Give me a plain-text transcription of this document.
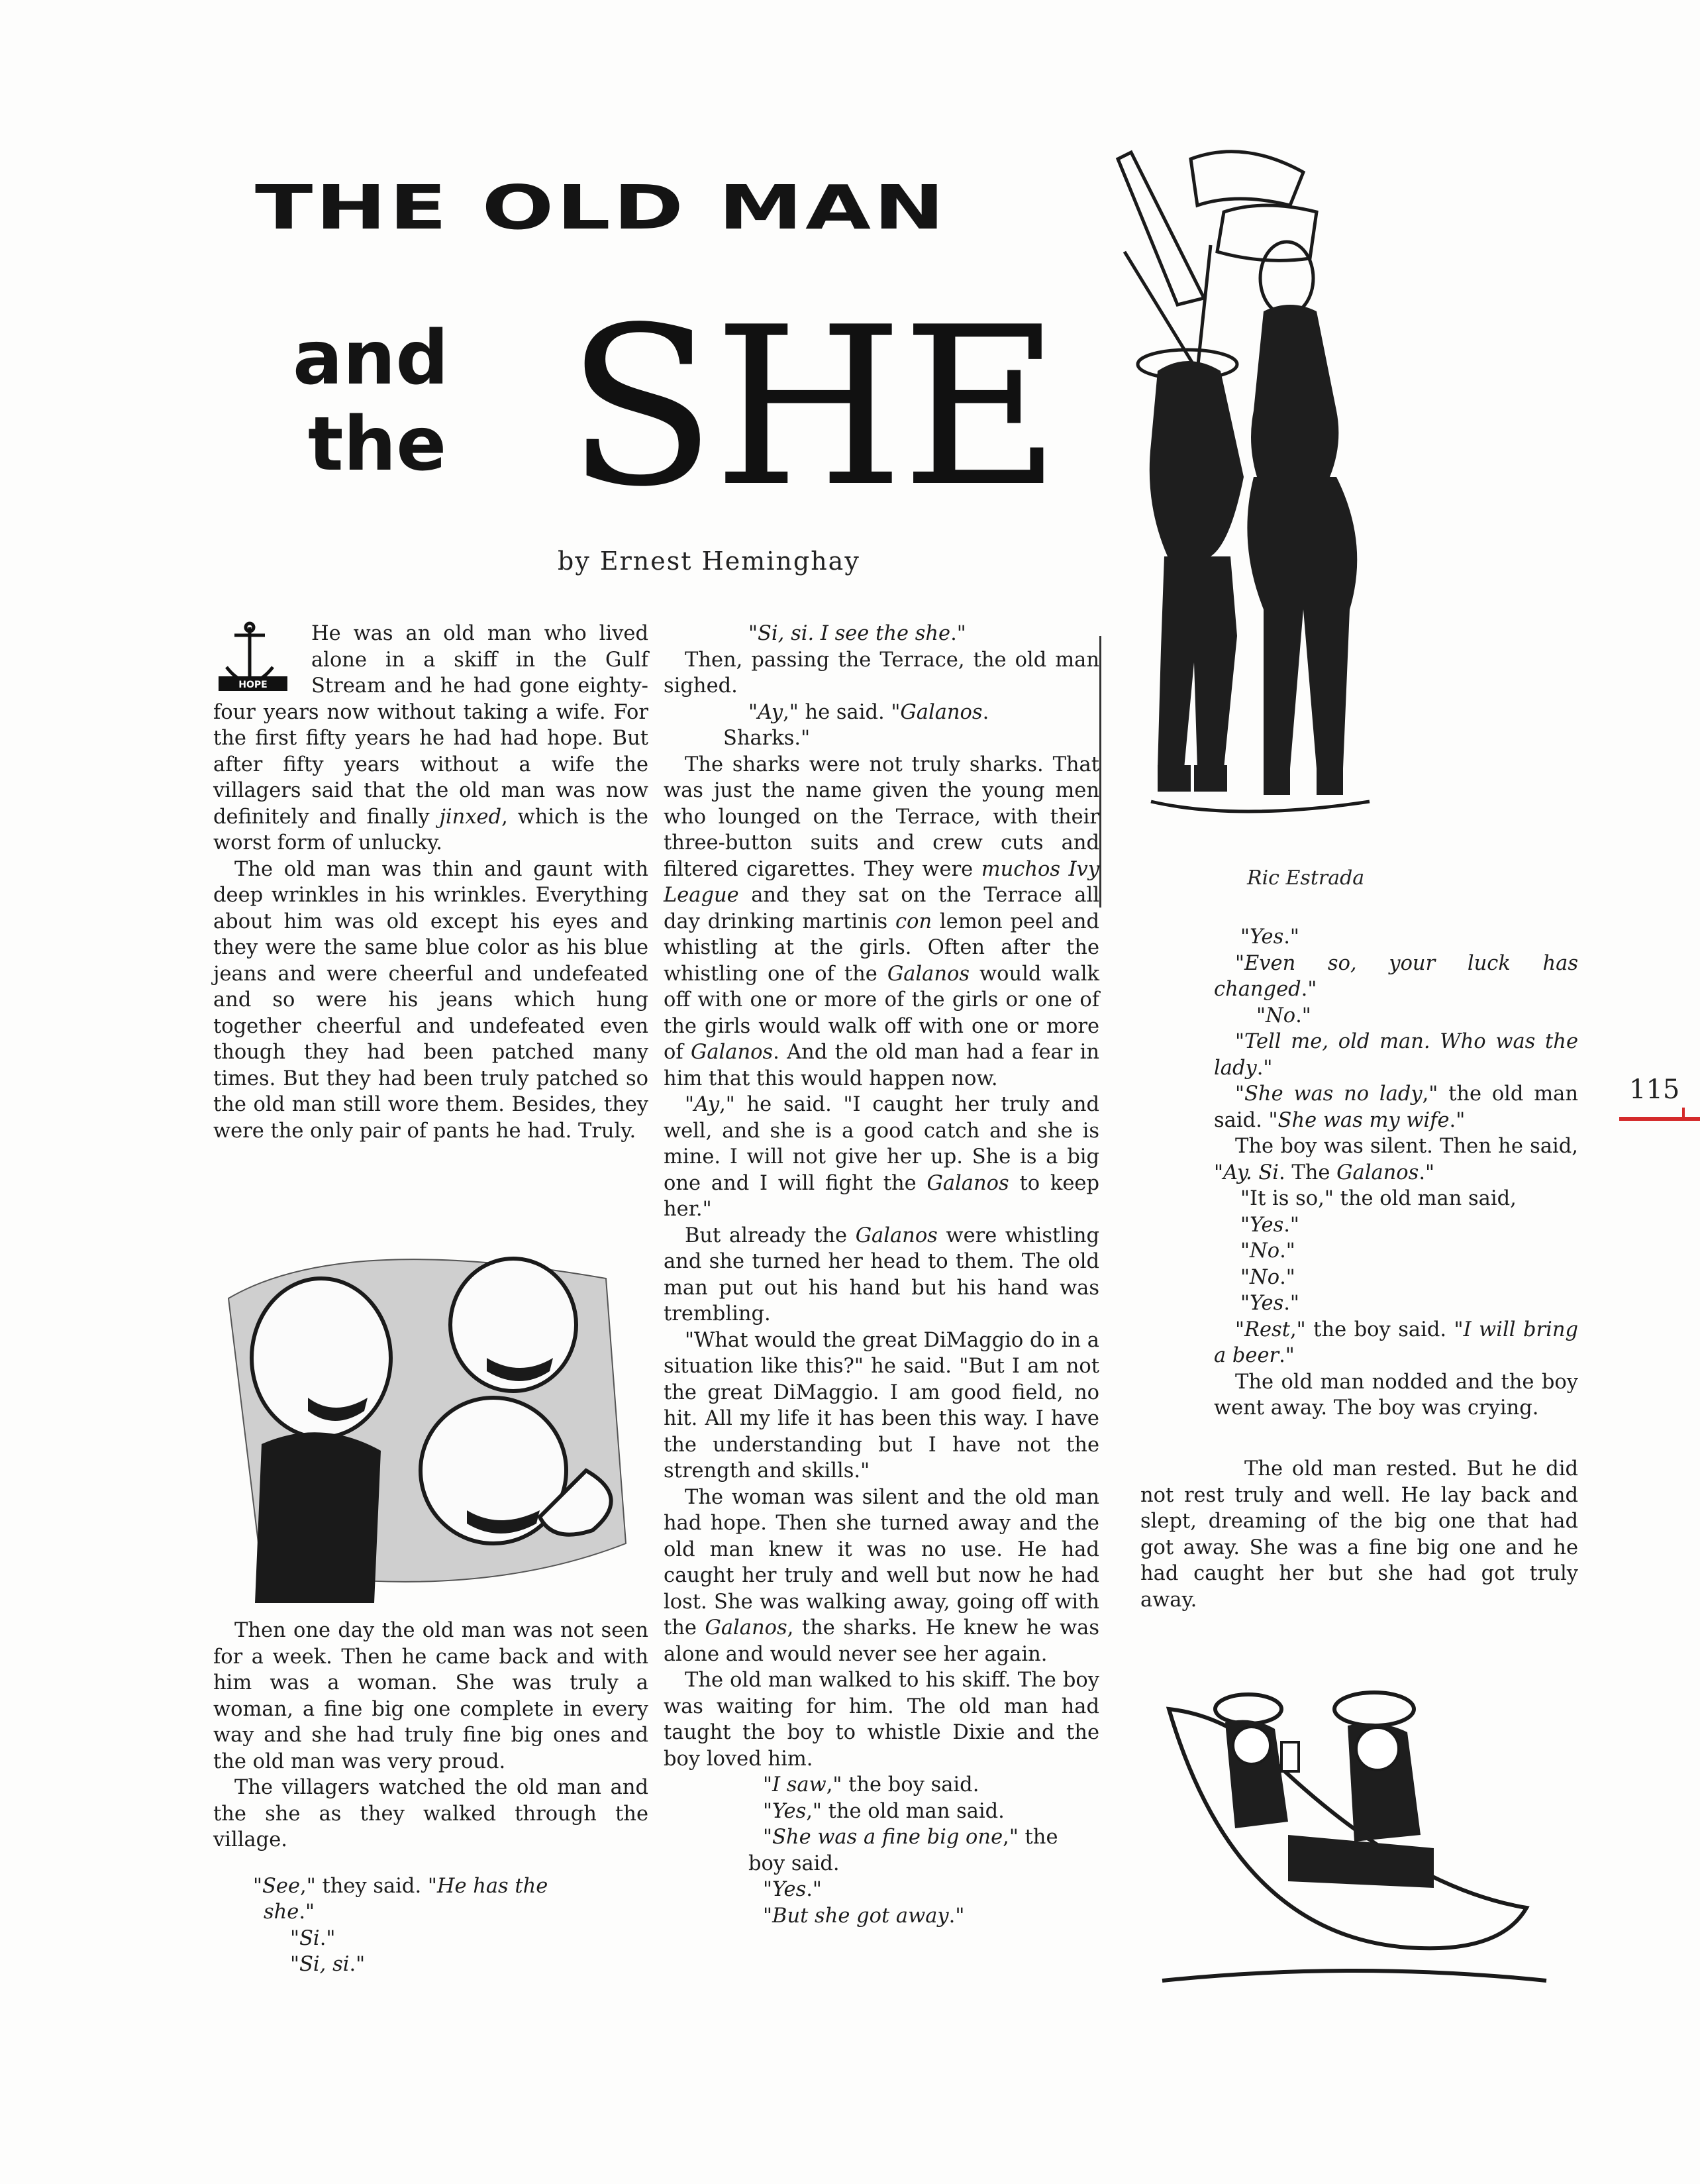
THE OLD MAN
and
the SHE
by Ernest Heminghay
Ric Estrada
HOPE

He was an old man who lived alone in a skiff in the Gulf Stream and he had gone eighty-four years now without taking a wife. For the first fifty years he had had hope. But after fifty years without a wife the villagers said that the old man was now definitely and finally jinxed, which is the worst form of unlucky.

The old man was thin and gaunt with deep wrinkles in his wrinkles. Everything about him was old except his eyes and they were the same blue color as his blue jeans and were cheerful and undefeated and so were his jeans which hung together cheerful and undefeated even though they had been patched many times. But they had been truly patched so the old man still wore them. Besides, they were the only pair of pants he had. Truly.

Then one day the old man was not seen for a week. Then he came back and with him was a woman. She was truly a woman, a fine big one complete in every way and she had truly fine big ones and the old man was very proud.

The villagers watched the old man and the she as they walked through the village.

"See," they said. "He has the

she."

"Si."

"Si, si."

"Si, si. I see the she."

Then, passing the Terrace, the old man sighed.

"Ay," he said. "Galanos.

Sharks."

The sharks were not truly sharks. That was just the name given the young men who lounged on the Terrace, with their three-button suits and crew cuts and filtered cigarettes. They were muchos Ivy League and they sat on the Terrace all day drinking martinis con lemon peel and whistling at the girls. Often after the whistling one of the Galanos would walk off with one or more of the girls or one of the girls would walk off with one or more of Galanos. And the old man had a fear in him that this would happen now.

"Ay," he said. "I caught her truly and well, and she is a good catch and she is mine. I will not give her up. She is a big one and I will fight the Galanos to keep her."

But already the Galanos were whistling and she turned her head to them. The old man put out his hand but his hand was trembling.

"What would the great DiMaggio do in a situation like this?" he said. "But I am not the great DiMaggio. I am good field, no hit. All my life it has been this way. I have the understanding but I have not the strength and skills."

The woman was silent and the old man had hope. Then she turned away and the old man knew it was no use. He had caught her truly and well but now he had lost. She was walking away, going off with the Galanos, the sharks. He knew he was alone and would never see her again.

The old man walked to his skiff. The boy was waiting for him. The old man had taught the boy to whistle Dixie and the boy loved him.

"I saw," the boy said.

"Yes," the old man said.

"She was a fine big one," the

boy said.

"Yes."

"But she got away."

"Yes."

"Even so, your luck has changed."

"No."

"Tell me, old man. Who was the lady."

"She was no lady," the old man said. "She was my wife."

The boy was silent. Then he said, "Ay. Si. The Galanos."

"It is so," the old man said,

"Yes."

"No."

"No."

"Yes."

"Rest," the boy said. "I will bring a beer."

The old man nodded and the boy went away. The boy was crying.

The old man rested. But he did not rest truly and well. He lay back and slept, dreaming of the big one that had got away. She was a fine big one and he had caught her but she had got truly away.

115
